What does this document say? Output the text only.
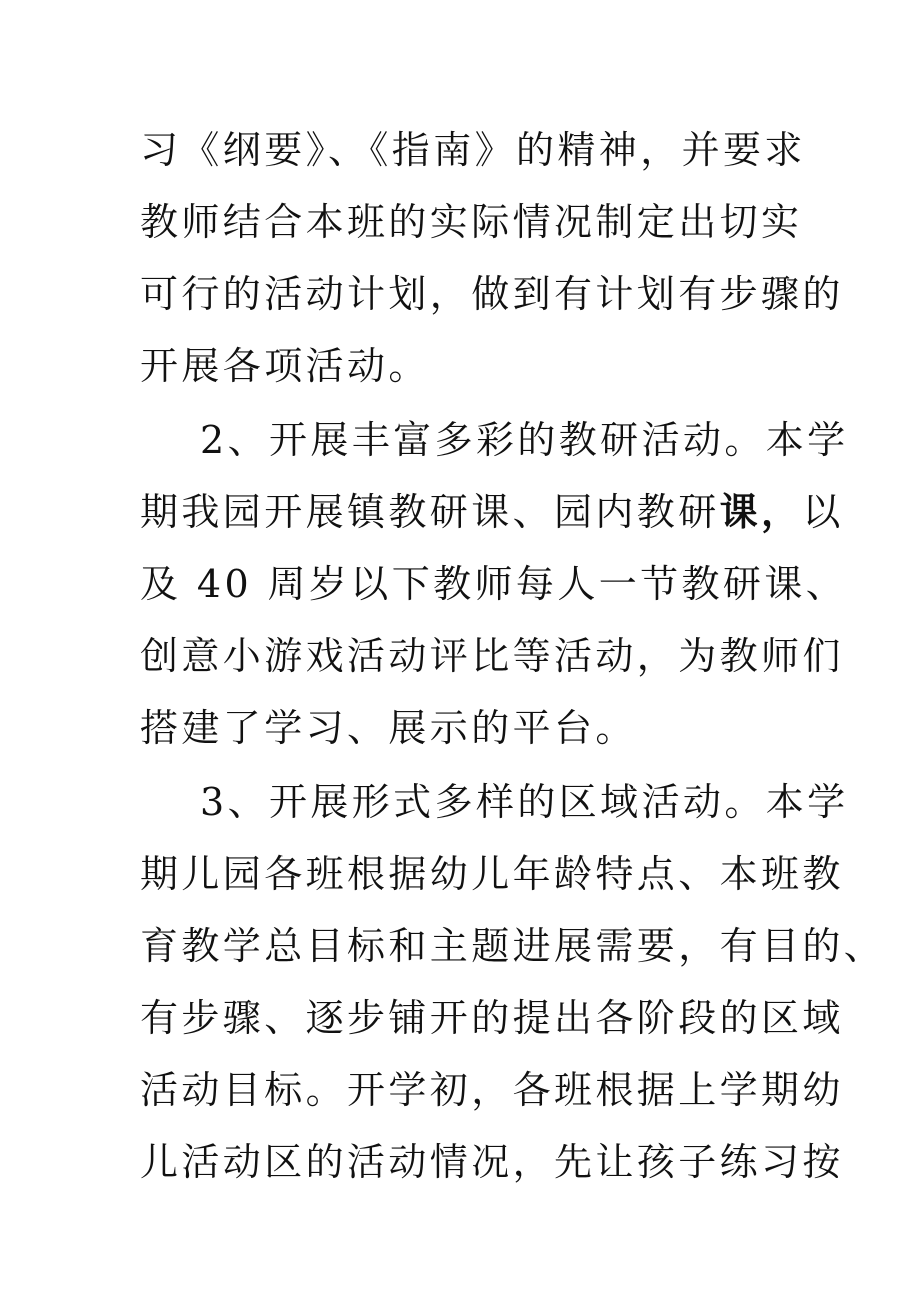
习《纲要》、《指南》的精神，并要求
教师结合本班的实际情况制定出切实
可行的活动计划，做到有计划有步骤的
开展各项活动。
2、开展丰富多彩的教研活动。本学
期我园开展镇教研课、园内教研课，以
及 40 周岁以下教师每人一节教研课、
创意小游戏活动评比等活动，为教师们
搭建了学习、展示的平台。
3、开展形式多样的区域活动。本学
期儿园各班根据幼儿年龄特点、本班教
育教学总目标和主题进展需要，有目的、
有步骤、逐步铺开的提出各阶段的区域
活动目标。开学初，各班根据上学期幼
儿活动区的活动情况，先让孩子练习按
